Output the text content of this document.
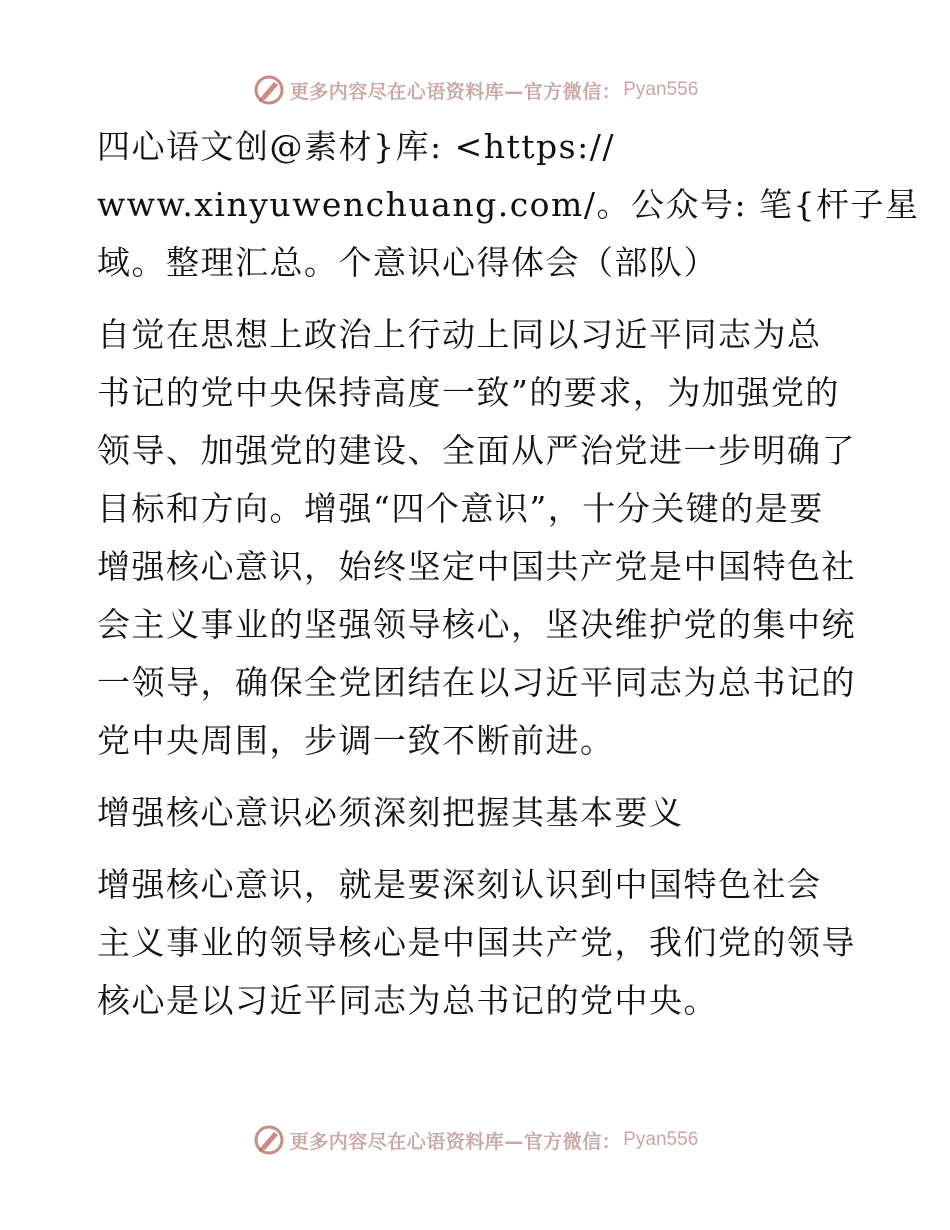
更多内容尽在心语资料库—官方微信： Pyan556

四心语文创@素材}库: <https://
www.xinyuwenchuang.com/。公众号: 笔{杆子星
域。整理汇总。个意识心得体会（部队）

自觉在思想上政治上行动上同以习近平同志为总
书记的党中央保持高度一致”的要求，为加强党的
领导、加强党的建设、全面从严治党进一步明确了
目标和方向。增强“四个意识”，十分关键的是要
增强核心意识，始终坚定中国共产党是中国特色社
会主义事业的坚强领导核心，坚决维护党的集中统
一领导，确保全党团结在以习近平同志为总书记的
党中央周围，步调一致不断前进。

增强核心意识必须深刻把握其基本要义

增强核心意识，就是要深刻认识到中国特色社会
主义事业的领导核心是中国共产党，我们党的领导
核心是以习近平同志为总书记的党中央。

更多内容尽在心语资料库—官方微信： Pyan556
